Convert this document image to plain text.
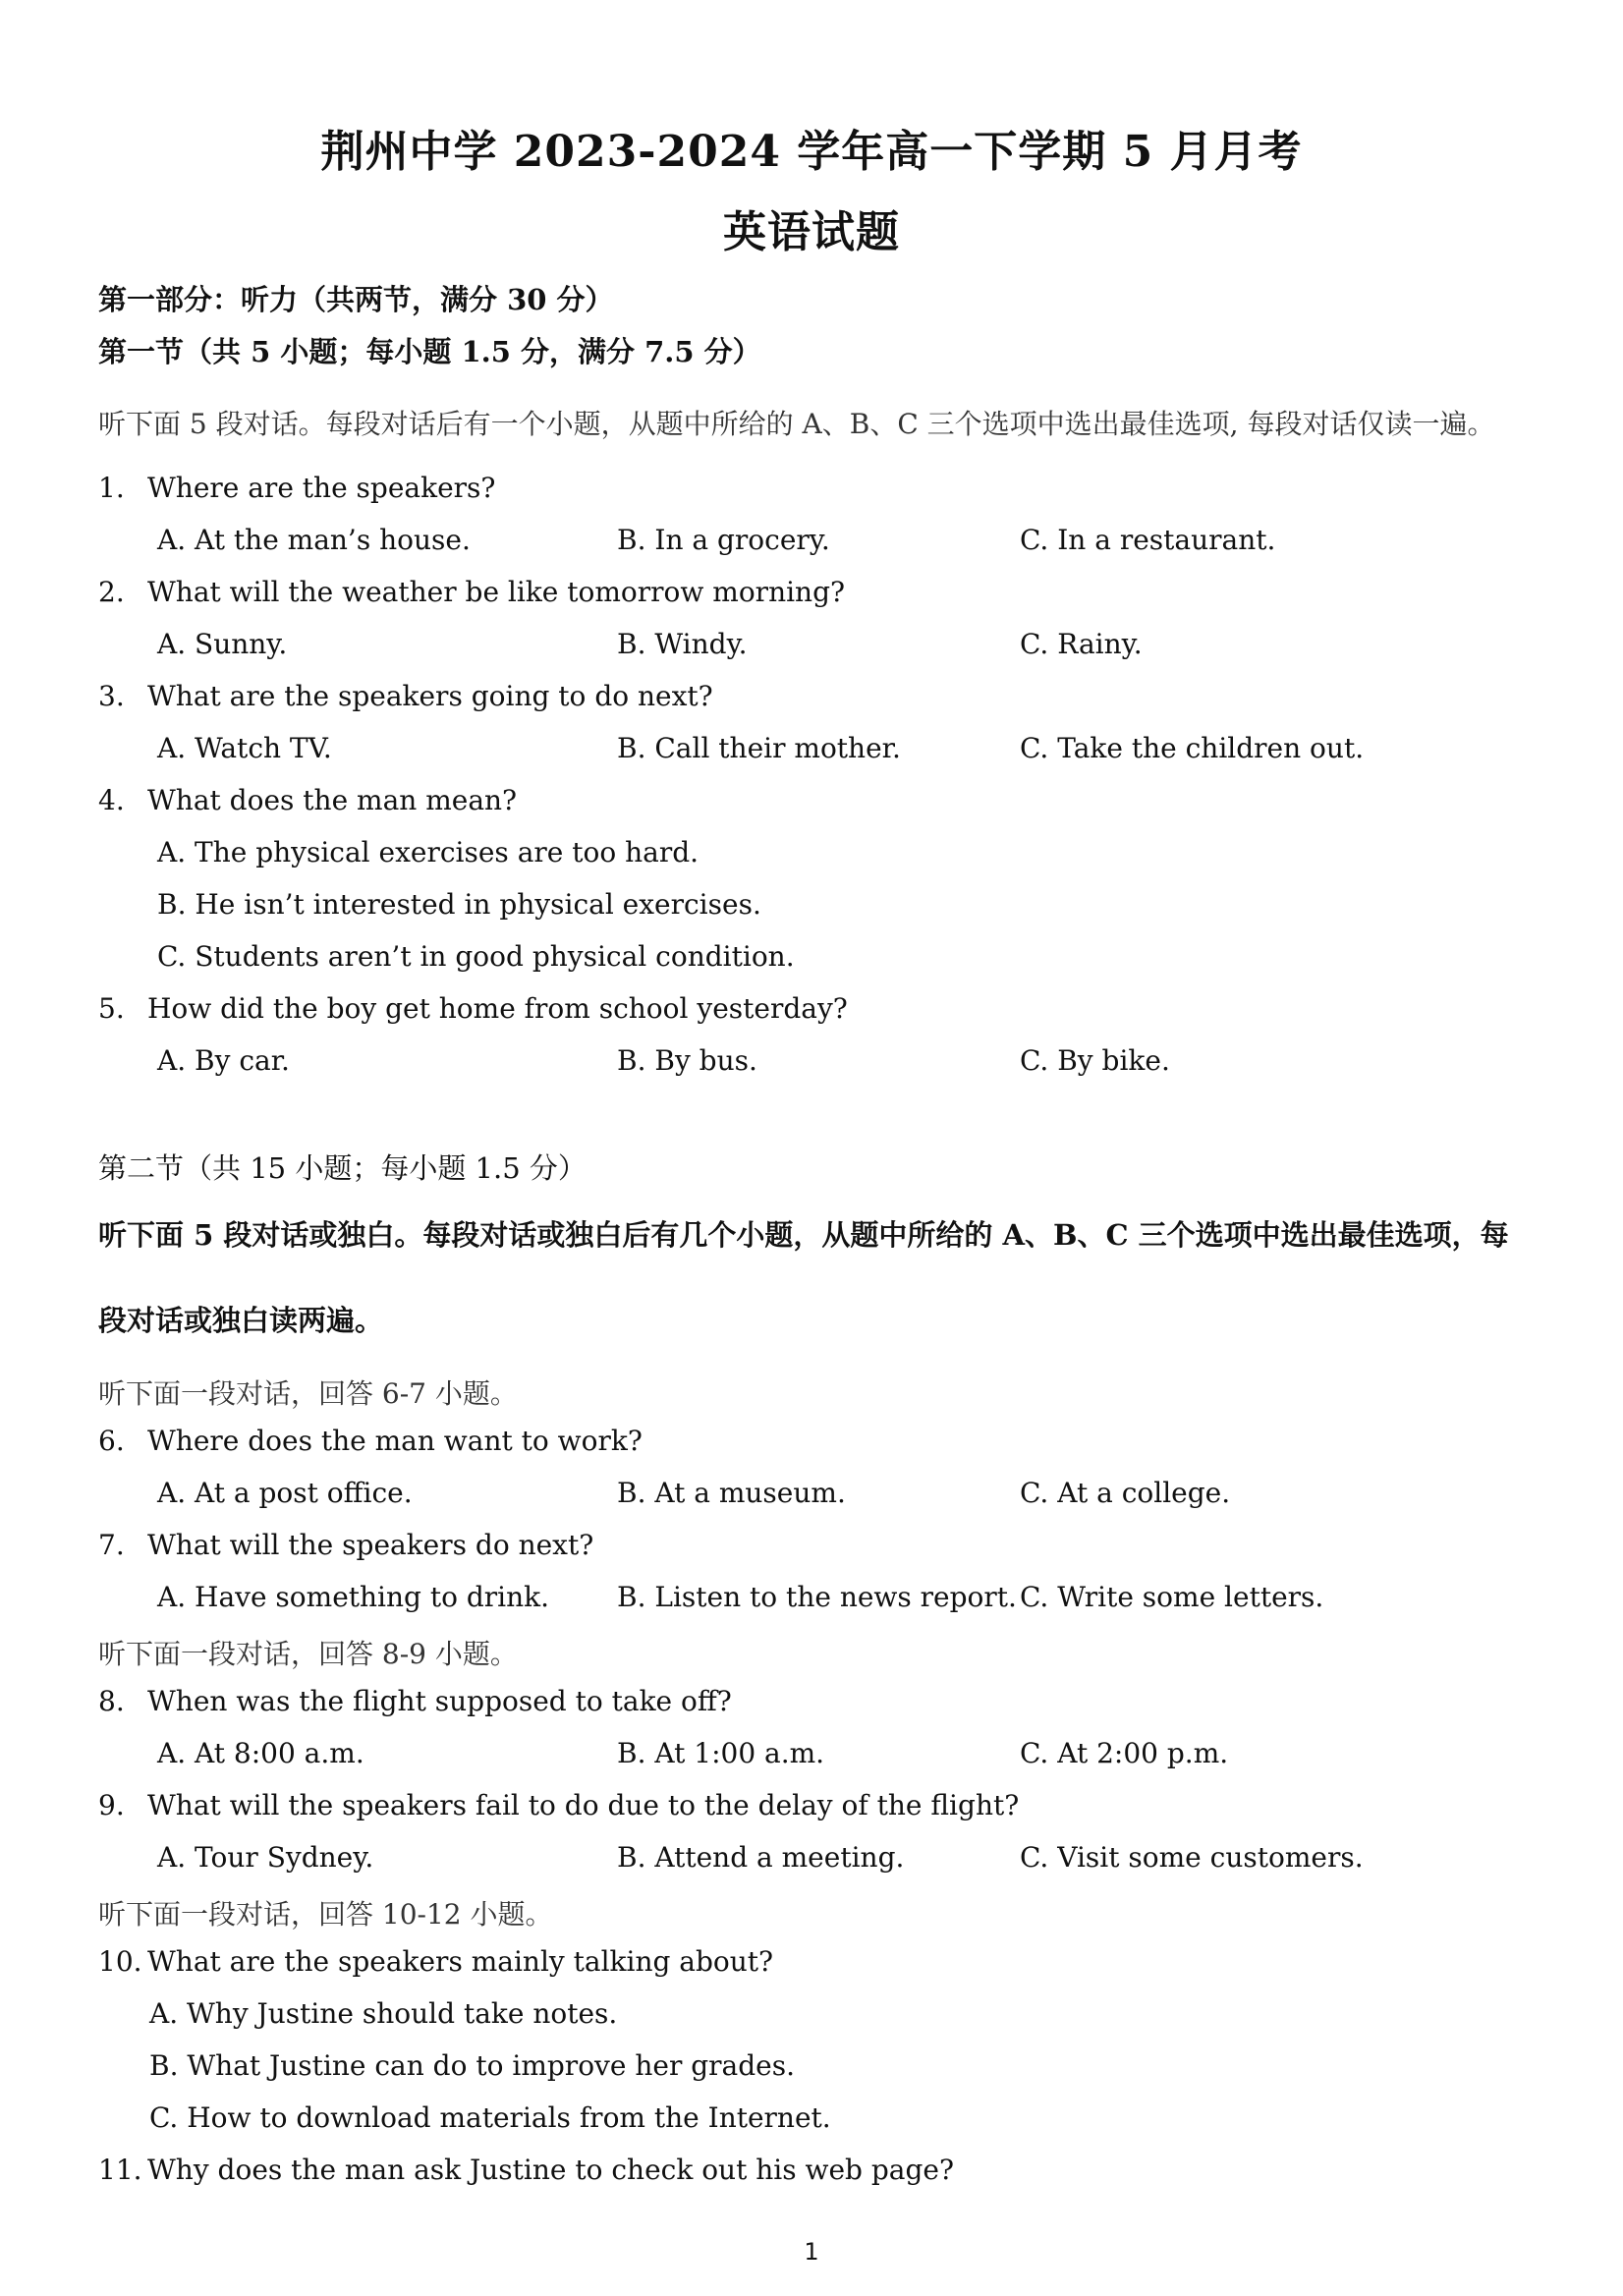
荆州中学 2023-2024 学年高一下学期 5 月月考
英语试题
第一部分：听力（共两节，满分 30 分）
第一节（共 5 小题；每小题 1.5 分，满分 7.5 分）
听下面 5 段对话。每段对话后有一个小题，从题中所给的 A、B、C 三个选项中选出最佳选项, 每段对话仅读一遍。
1. Where are the speakers?
A. At the man’s house.	B. In a grocery.	C. In a restaurant.
2. What will the weather be like tomorrow morning?
A. Sunny.	B. Windy.	C. Rainy.
3. What are the speakers going to do next?
A. Watch TV.	B. Call their mother.	C. Take the children out.
4. What does the man mean?
A. The physical exercises are too hard.
B. He isn’t interested in physical exercises.
C. Students aren’t in good physical condition.
5. How did the boy get home from school yesterday?
A. By car.	B. By bus.	C. By bike.
第二节（共 15 小题；每小题 1.5 分）
听下面 5 段对话或独白。每段对话或独白后有几个小题，从题中所给的 A、B、C 三个选项中选出最佳选项，每
段对话或独白读两遍。
听下面一段对话，回答 6-7 小题。
6. Where does the man want to work?
A. At a post office.	B. At a museum.	C. At a college.
7. What will the speakers do next?
A. Have something to drink. B. Listen to the news report. C. Write some letters.
听下面一段对话，回答 8-9 小题。
8. When was the flight supposed to take off?
A. At 8:00 a.m.	B. At 1:00 a.m.	C. At 2:00 p.m.
9. What will the speakers fail to do due to the delay of the flight?
A. Tour Sydney.	B. Attend a meeting.	C. Visit some customers.
听下面一段对话，回答 10-12 小题。
10. What are the speakers mainly talking about?
A. Why Justine should take notes.
B. What Justine can do to improve her grades.
C. How to download materials from the Internet.
11. Why does the man ask Justine to check out his web page?
1
